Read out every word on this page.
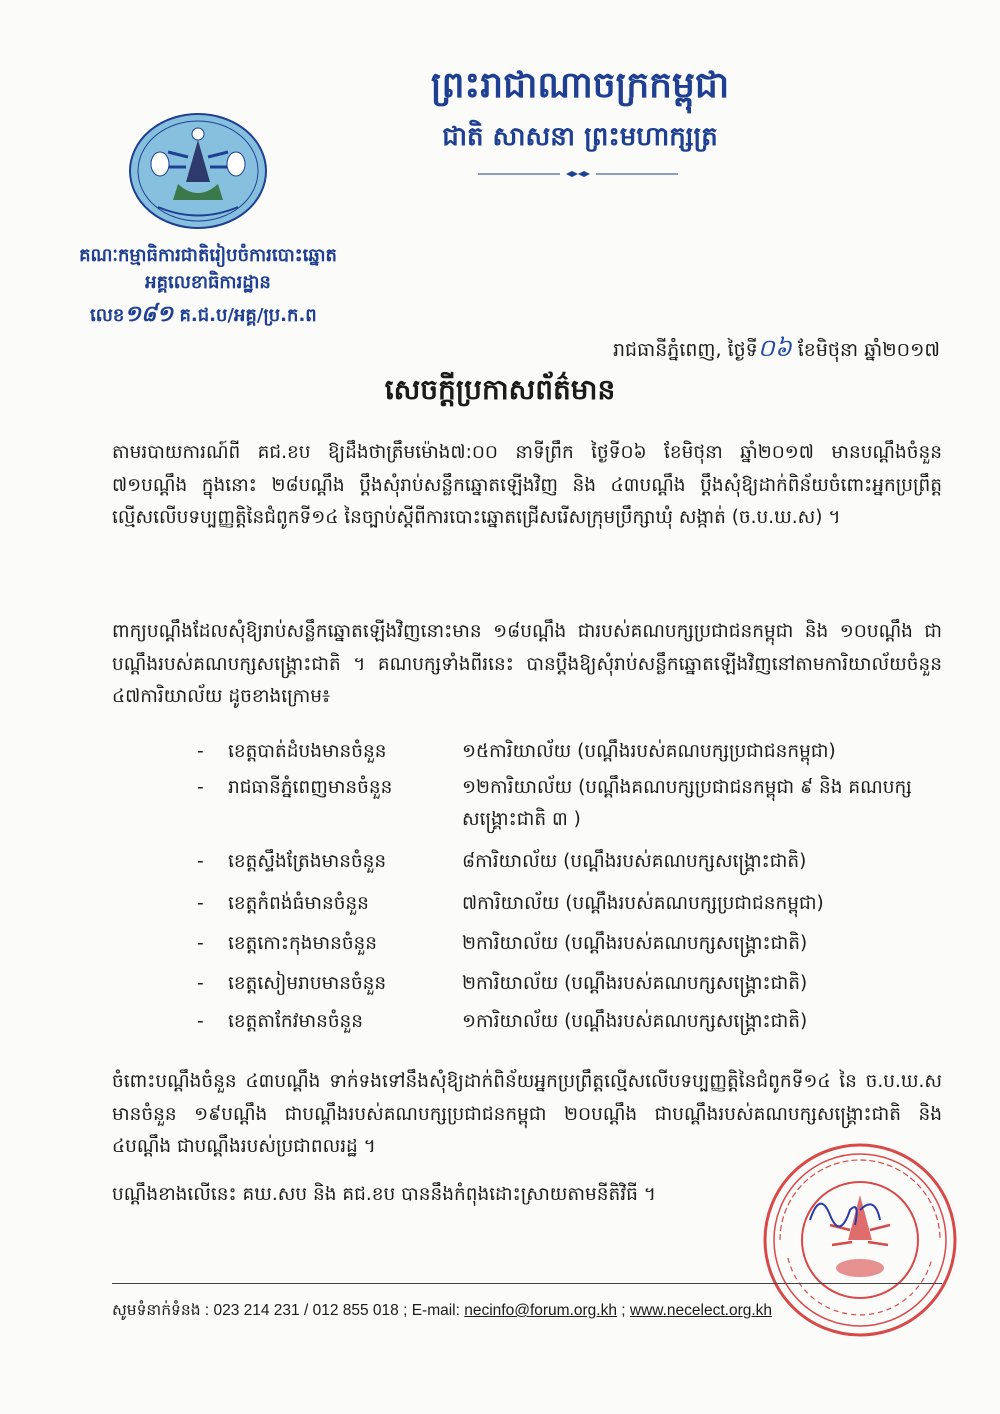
ព្រះរាជាណាចក្រកម្ពុជា
ជាតិ សាសនា ព្រះមហាក្សត្រ
គណៈកម្មាធិការជាតិរៀបចំការបោះឆ្នោត
អគ្គលេខាធិការដ្ឋាន
លេខ១៨១ គ.ជ.ប/អគ្គ/ប្រ.ក.ព
រាជធានីភ្នំពេញ, ថ្ងៃទី០៦ ខែមិថុនា ឆ្នាំ២០១៧
សេចក្តីប្រកាសព័ត៌មាន
តាមរបាយការណ៍ពី គជ.ខប ឱ្យដឹងថាត្រឹមម៉ោង៧:០០ នាទីព្រឹក ថ្ងៃទី០៦ ខែមិថុនា ឆ្នាំ២០១៧ មានបណ្តឹងចំនួន ៧១បណ្តឹង ក្នុងនោះ ២៨បណ្តឹង ប្តឹងសុំរាប់សន្លឹកឆ្នោតឡើងវិញ និង ៤៣បណ្តឹង ប្តឹងសុំឱ្យដាក់ពិន័យចំពោះអ្នកប្រព្រឹត្តល្មើសលើបទប្បញ្ញត្តិនៃជំពូកទី១៤ នៃច្បាប់ស្តីពីការបោះឆ្នោតជ្រើសរើសក្រុមប្រឹក្សាឃុំ សង្កាត់ (ច.ប.ឃ.ស) ។
ពាក្យបណ្តឹងដែលសុំឱ្យរាប់សន្លឹកឆ្នោតឡើងវិញនោះមាន ១៨បណ្តឹង ជារបស់គណបក្សប្រជាជនកម្ពុជា និង ១០បណ្តឹង ជាបណ្តឹងរបស់គណបក្សសង្គ្រោះជាតិ ។ គណបក្សទាំងពីរនេះ បានប្តឹងឱ្យសុំរាប់សន្លឹកឆ្នោតឡើងវិញនៅតាមការិយាល័យចំនួន ៤៧ការិយាល័យ ដូចខាងក្រោម៖
- ខេត្តបាត់ដំបងមានចំនួន	១៥ការិយាល័យ (បណ្តឹងរបស់គណបក្សប្រជាជនកម្ពុជា)
- រាជធានីភ្នំពេញមានចំនួន	១២ការិយាល័យ (បណ្តឹងគណបក្សប្រជាជនកម្ពុជា ៩ និង គណបក្សសង្គ្រោះជាតិ ៣ )
- ខេត្តស្ទឹងត្រែងមានចំនួន	៨ការិយាល័យ (បណ្តឹងរបស់គណបក្សសង្គ្រោះជាតិ)
- ខេត្តកំពង់ធំមានចំនួន	៧ការិយាល័យ (បណ្តឹងរបស់គណបក្សប្រជាជនកម្ពុជា)
- ខេត្តកោះកុងមានចំនួន	២ការិយាល័យ (បណ្តឹងរបស់គណបក្សសង្គ្រោះជាតិ)
- ខេត្តសៀមរាបមានចំនួន	២ការិយាល័យ (បណ្តឹងរបស់គណបក្សសង្គ្រោះជាតិ)
- ខេត្តតាកែវមានចំនួន	១ការិយាល័យ (បណ្តឹងរបស់គណបក្សសង្គ្រោះជាតិ)
ចំពោះបណ្តឹងចំនួន ៤៣បណ្តឹង ទាក់ទងទៅនឹងសុំឱ្យដាក់ពិន័យអ្នកប្រព្រឹត្តល្មើសលើបទប្បញ្ញត្តិនៃជំពូកទី១៤ នៃ ច.ប.ឃ.ស មានចំនួន ១៩បណ្តឹង ជាបណ្តឹងរបស់គណបក្សប្រជាជនកម្ពុជា ២០បណ្តឹង ជាបណ្តឹងរបស់គណបក្សសង្គ្រោះជាតិ និង ៤បណ្តឹង ជាបណ្តឹងរបស់ប្រជាពលរដ្ឋ ។
បណ្តឹងខាងលើនេះ គឃ.សប និង គជ.ខប បាននឹងកំពុងដោះស្រាយតាមនីតិវិធី ។
សូមទំនាក់ទំនង : 023 214 231 / 012 855 018 ; E-mail: necinfo@forum.org.kh ; www.necelect.org.kh
